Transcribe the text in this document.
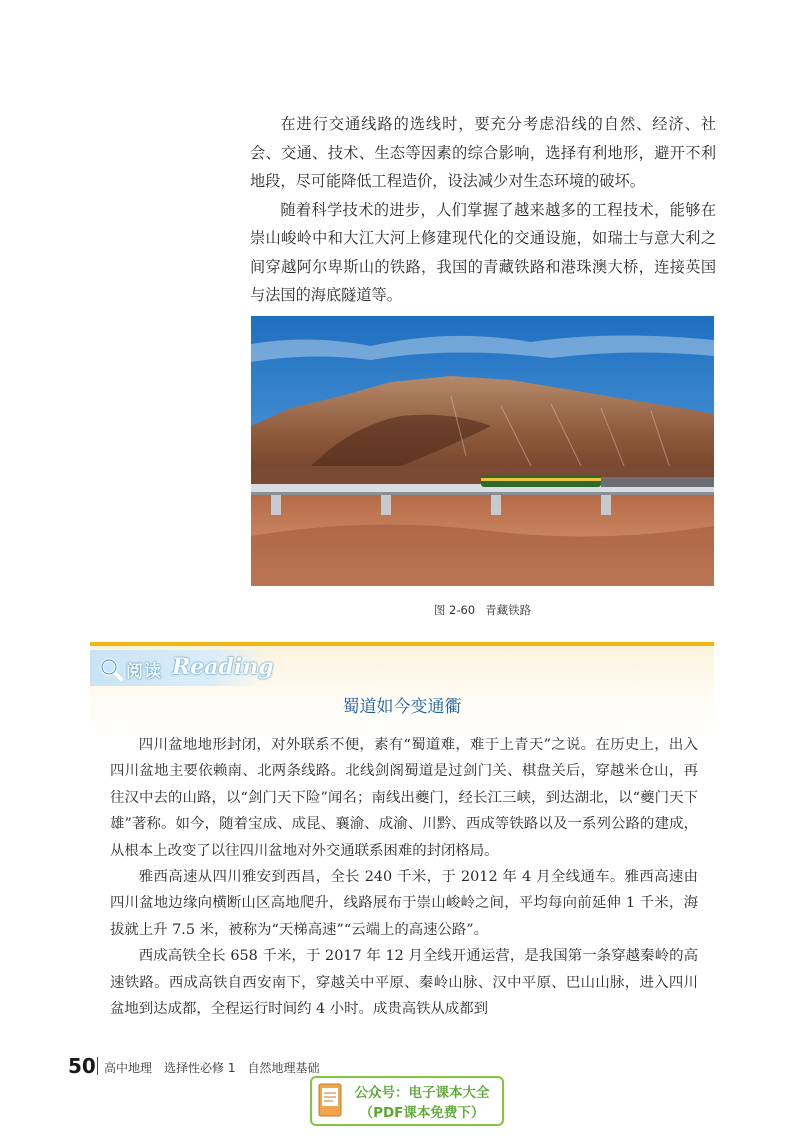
在进行交通线路的选线时，要充分考虑沿线的自然、经济、社会、交通、技术、生态等因素的综合影响，选择有利地形，避开不利地段，尽可能降低工程造价，设法减少对生态环境的破坏。

随着科学技术的进步，人们掌握了越来越多的工程技术，能够在崇山峻岭中和大江大河上修建现代化的交通设施，如瑞士与意大利之间穿越阿尔卑斯山的铁路，我国的青藏铁路和港珠澳大桥，连接英国与法国的海底隧道等。

图 2-60 青藏铁路
阅读 Reading
蜀道如今变通衢

四川盆地地形封闭，对外联系不便，素有“蜀道难，难于上青天”之说。在历史上，出入四川盆地主要依赖南、北两条线路。北线剑阁蜀道是过剑门关、棋盘关后，穿越米仓山，再往汉中去的山路，以“剑门天下险”闻名；南线出夔门，经长江三峡，到达湖北，以“夔门天下雄”著称。如今，随着宝成、成昆、襄渝、成渝、川黔、西成等铁路以及一系列公路的建成，从根本上改变了以往四川盆地对外交通联系困难的封闭格局。

雅西高速从四川雅安到西昌，全长 240 千米，于 2012 年 4 月全线通车。雅西高速由四川盆地边缘向横断山区高地爬升，线路展布于崇山峻岭之间，平均每向前延伸 1 千米，海拔就上升 7.5 米，被称为“天梯高速”“云端上的高速公路”。

西成高铁全长 658 千米，于 2017 年 12 月全线开通运营，是我国第一条穿越秦岭的高速铁路。西成高铁自西安南下，穿越关中平原、秦岭山脉、汉中平原、巴山山脉，进入四川盆地到达成都，全程运行时间约 4 小时。成贵高铁从成都到

50 高中地理　选择性必修 1　自然地理基础
公众号：电子课本大全
（PDF课本免费下）
